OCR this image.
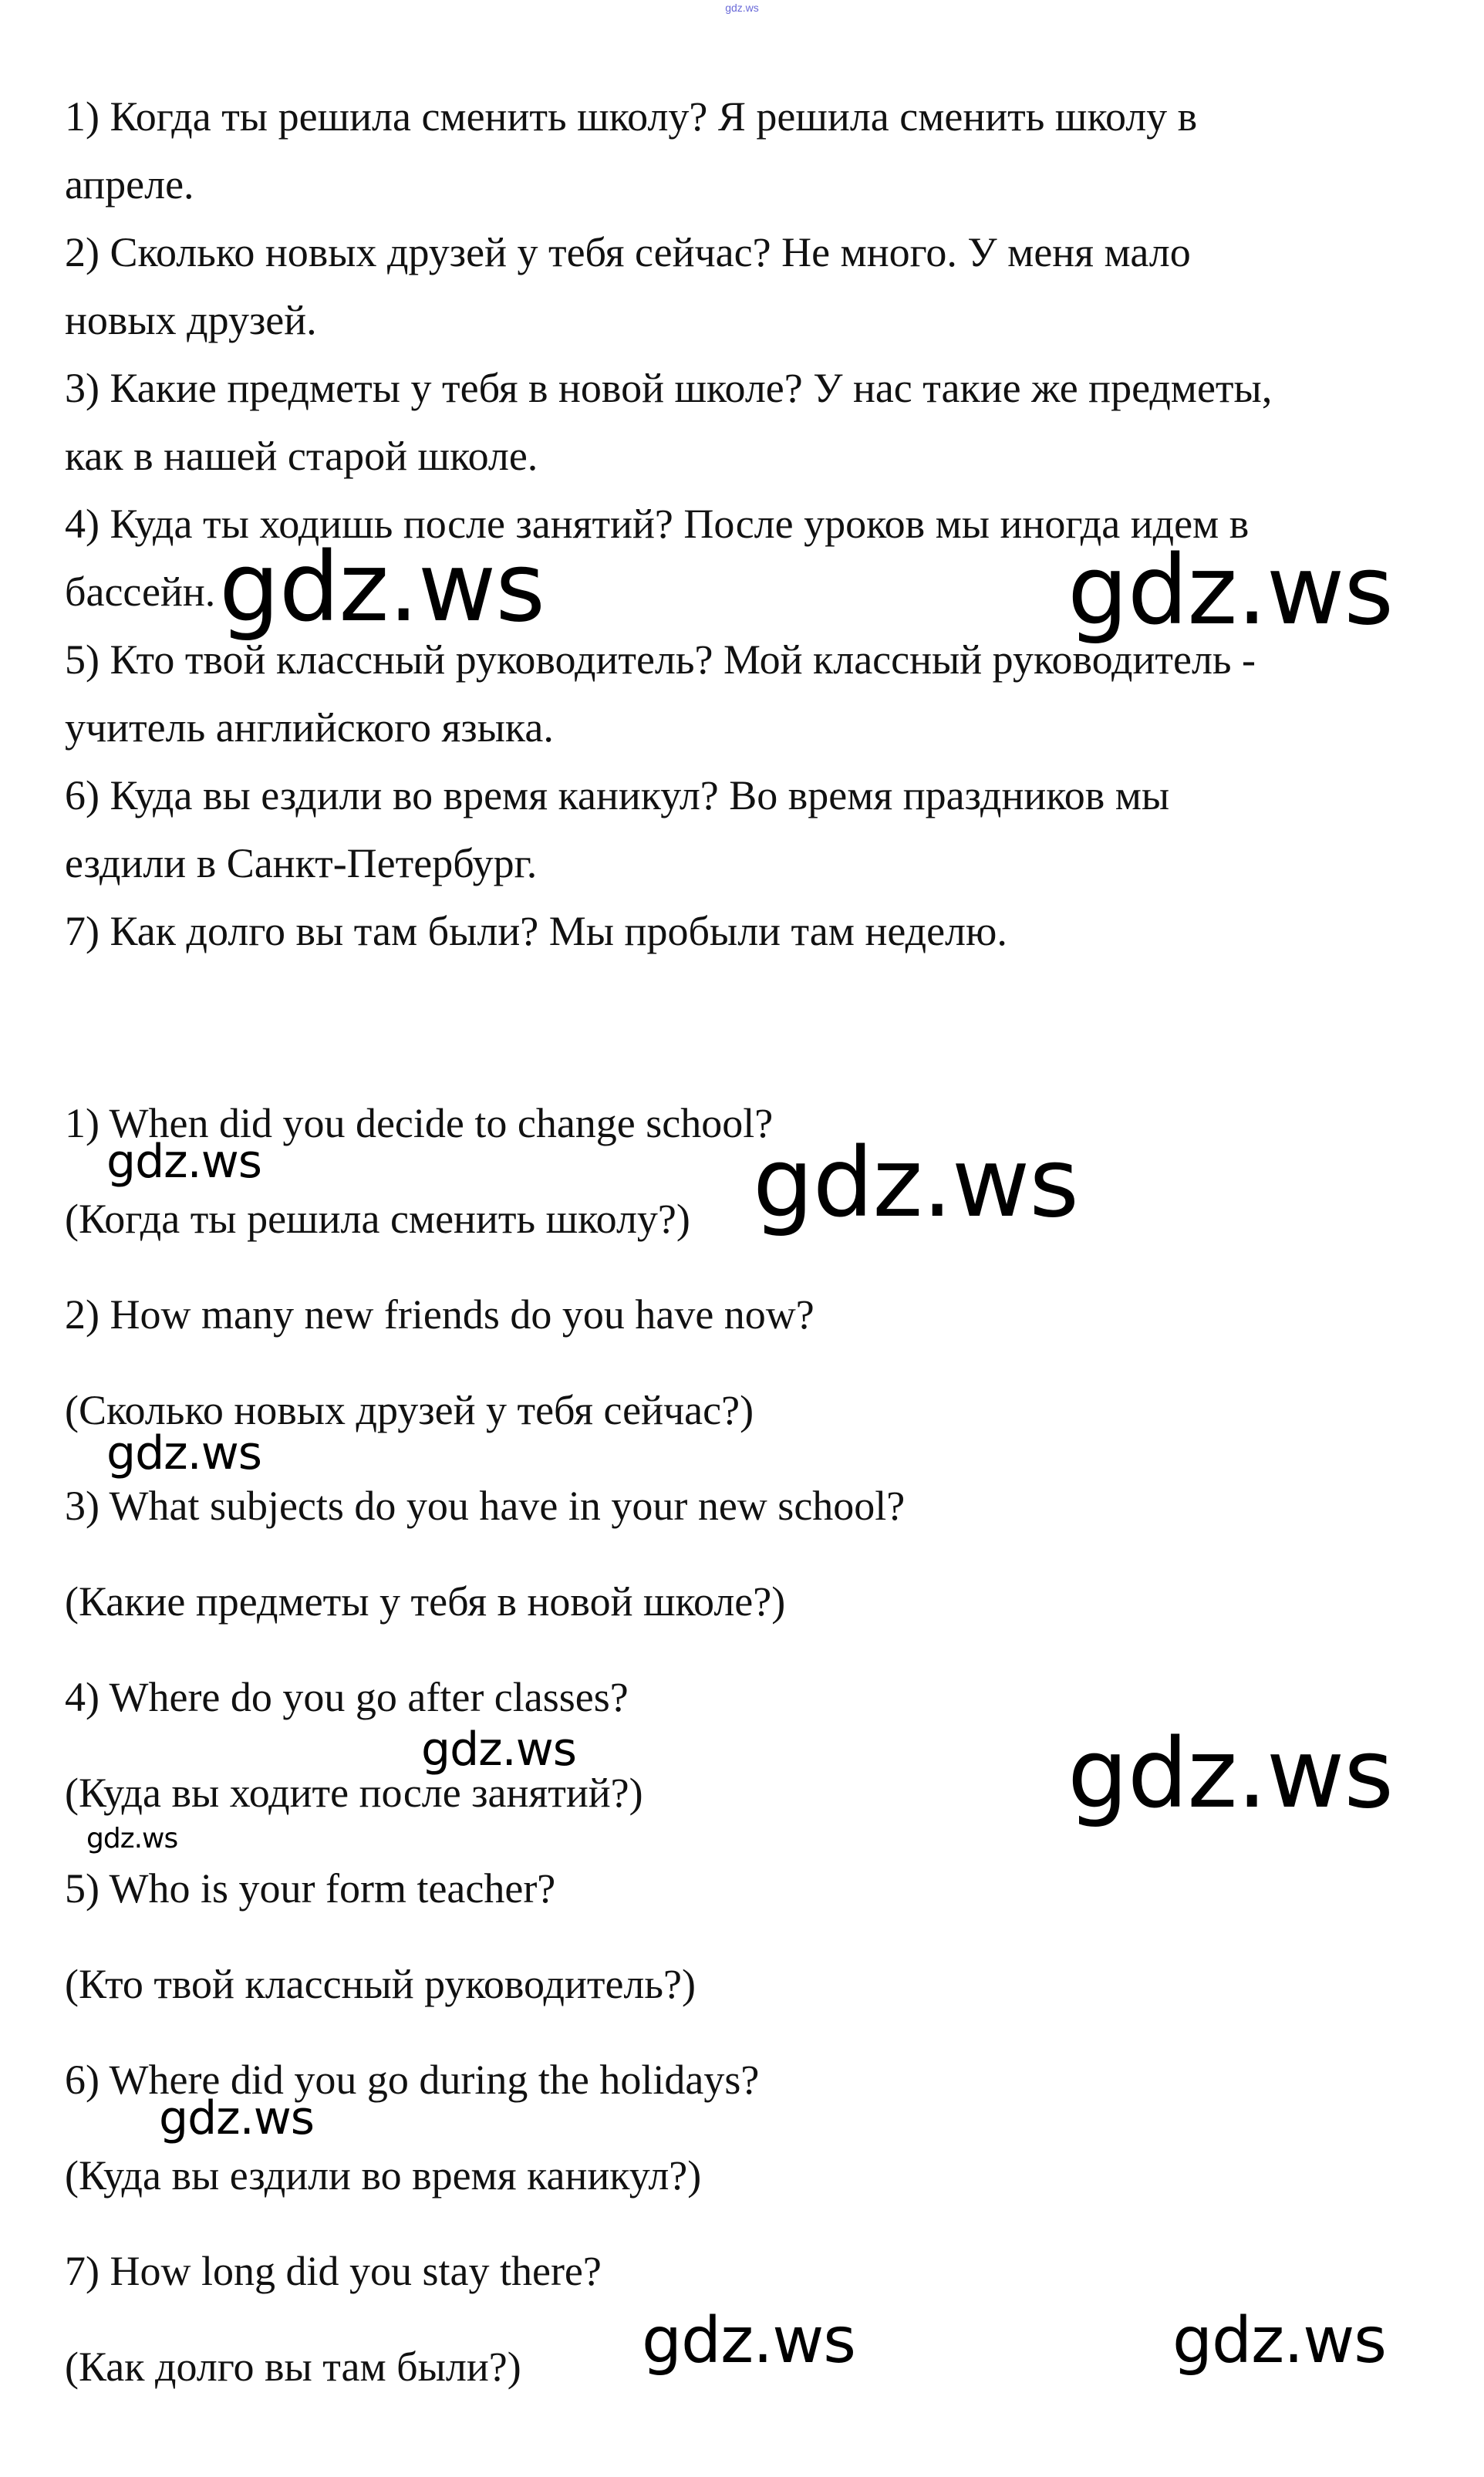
gdz.ws
1) Когда ты решила сменить школу? Я решила сменить школу в
апреле.
2) Сколько новых друзей у тебя сейчас? Не много. У меня мало
новых друзей.
3) Какие предметы у тебя в новой школе? У нас такие же предметы,
как в нашей старой школе.
4) Куда ты ходишь после занятий? После уроков мы иногда идем в
бассейн.
5) Кто твой классный руководитель? Мой классный руководитель -
учитель английского языка.
6) Куда вы ездили во время каникул? Во время праздников мы
ездили в Санкт-Петербург.
7) Как долго вы там были? Мы пробыли там неделю.
1) When did you decide to change school?
(Когда ты решила сменить школу?)
2) How many new friends do you have now?
(Сколько новых друзей у тебя сейчас?)
3) What subjects do you have in your new school?
(Какие предметы у тебя в новой школе?)
4) Where do you go after classes?
(Куда вы ходите после занятий?)
5) Who is your form teacher?
(Кто твой классный руководитель?)
6) Where did you go during the holidays?
(Куда вы ездили во время каникул?)
7) How long did you stay there?
(Как долго вы там были?)
gdz.ws	gdz.ws
gdz.ws	gdz.ws
gdz.ws
gdz.ws	gdz.ws
gdz.ws
gdz.ws
gdz.ws	gdz.ws
